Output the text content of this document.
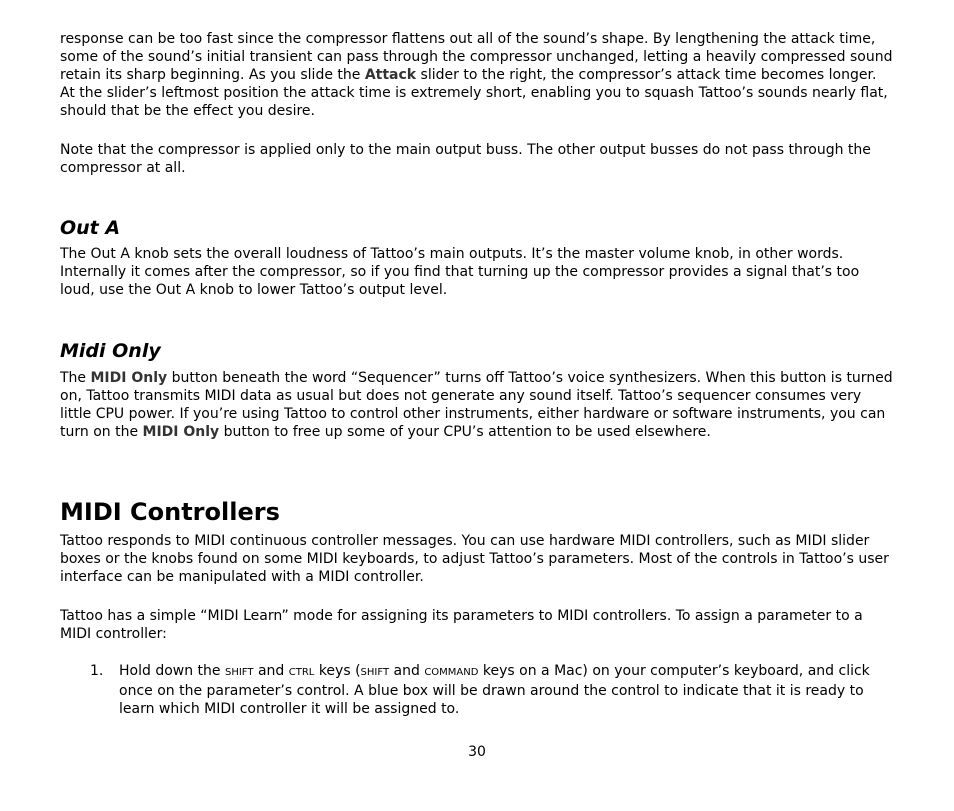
response can be too fast since the compressor flattens out all of the sound’s shape. By lengthening the attack time, some of the sound’s initial transient can pass through the compressor unchanged, letting a heavily compressed sound retain its sharp beginning. As you slide the Attack slider to the right, the compressor’s attack time becomes longer. At the slider’s leftmost position the attack time is extremely short, enabling you to squash Tattoo’s sounds nearly flat, should that be the effect you desire.

Note that the compressor is applied only to the main output buss. The other output busses do not pass through the compressor at all.

Out A

The Out A knob sets the overall loudness of Tattoo’s main outputs. It’s the master volume knob, in other words. Internally it comes after the compressor, so if you find that turning up the compressor provides a signal that’s too loud, use the Out A knob to lower Tattoo’s output level.

Midi Only

The MIDI Only button beneath the word “Sequencer” turns off Tattoo’s voice synthesizers. When this button is turned on, Tattoo transmits MIDI data as usual but does not generate any sound itself. Tattoo’s sequencer consumes very little CPU power. If you’re using Tattoo to control other instruments, either hardware or software instruments, you can turn on the MIDI Only button to free up some of your CPU’s attention to be used elsewhere.

MIDI Controllers

Tattoo responds to MIDI continuous controller messages. You can use hardware MIDI controllers, such as MIDI slider boxes or the knobs found on some MIDI keyboards, to adjust Tattoo’s parameters. Most of the controls in Tattoo’s user interface can be manipulated with a MIDI controller.

Tattoo has a simple “MIDI Learn” mode for assigning its parameters to MIDI controllers. To assign a parameter to a MIDI controller:

1. Hold down the SHIFT and CTRL keys (SHIFT and COMMAND keys on a Mac) on your computer’s keyboard, and click once on the parameter’s control. A blue box will be drawn around the control to indicate that it is ready to learn which MIDI controller it will be assigned to.
30
